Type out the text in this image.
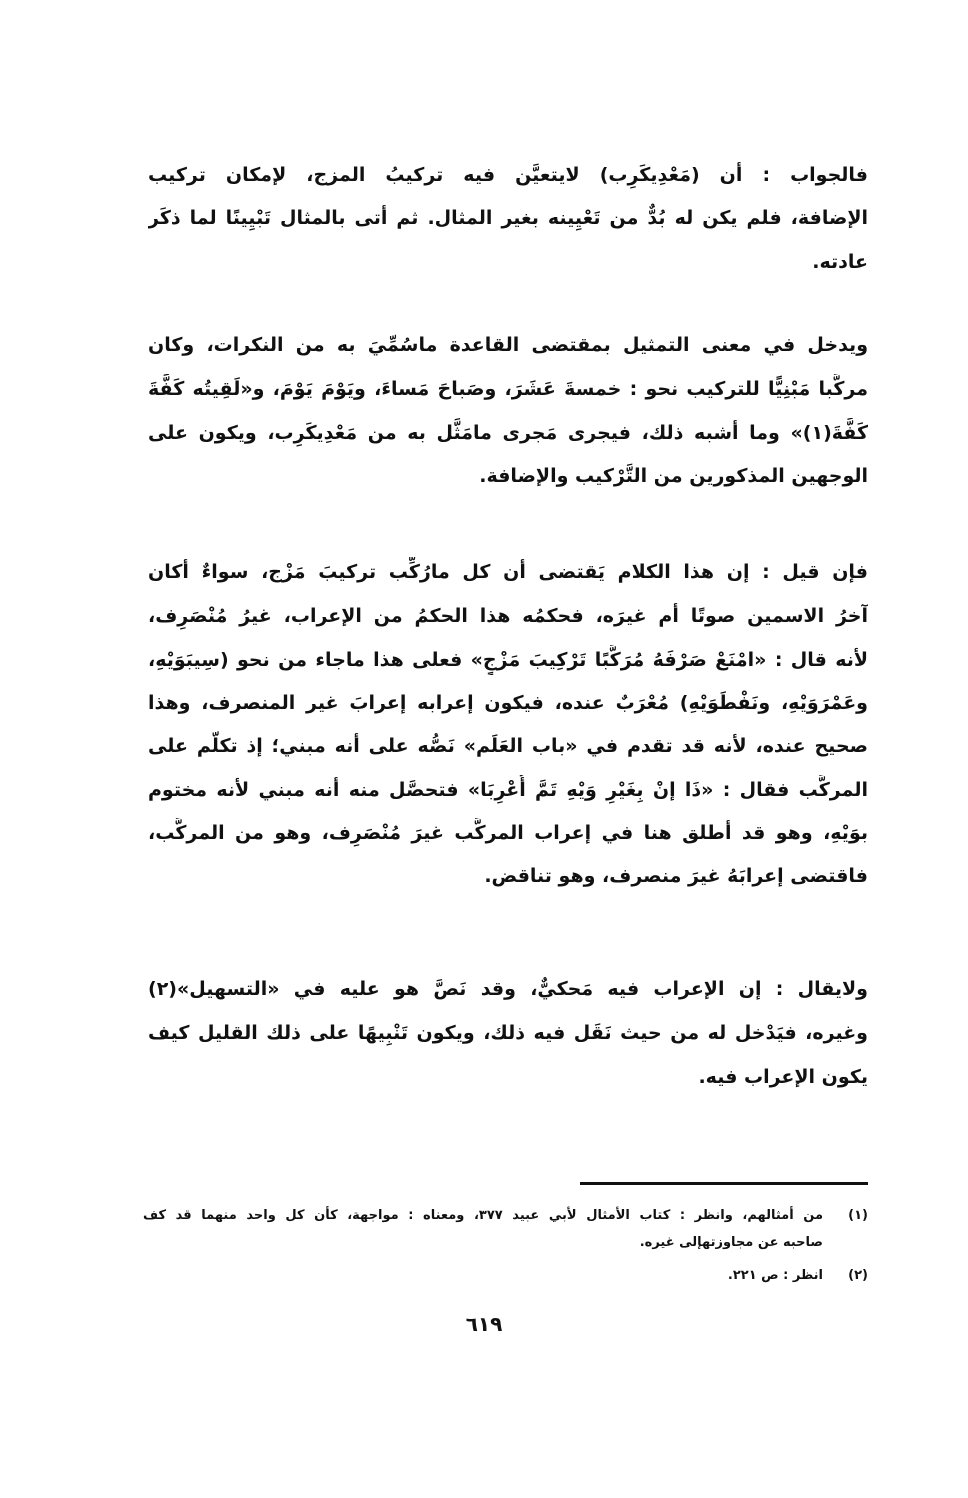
فالجواب : أن (مَعْدِيكَرِب) لايتعيَّن فيه تركيبُ المزج، لإمكان تركيب
الإضافة، فلم يكن له بُدٌّ من تَعْيِينه بغير المثال. ثم أتى بالمثال تَبْيِينًا لما ذكَر
عادته.
ويدخل في معنى التمثيل بمقتضى القاعدة ماسُمِّيَ به من النكرات، وكان
مركَّبا مَبْنِيًّا للتركيب نحو : خمسةَ عَشَرَ، وصَباحَ مَساءَ، ويَوْمَ يَوْمَ، و«لَقِيتُه كَفَّةَ
كَفَّةَ(١)» وما أشبه ذلك، فيجرى مَجرى مامَثَّل به من مَعْدِيكَرِب، ويكون على
الوجهين المذكورين من التَّرْكيب والإضافة.
فإن قيل : إن هذا الكلام يَقتضى أن كل مارُكِّب تركيبَ مَزْج، سواءٌ أكان
آخرُ الاسمين صوتًا أم غيرَه، فحكمُه هذا الحكمُ من الإعراب، غيرُ مُنْصَرِف،
لأنه قال : «امْنَعْ صَرْفَهُ مُرَكَّبًا تَرْكِيبَ مَزْجٍ» فعلى هذا ماجاء من نحو (سِيبَوَيْهِ،
وعَمْرَوَيْهِ، ونَفْطَوَيْهِ) مُعْرَبٌ عنده، فيكون إعرابه إعرابَ غير المنصرف، وهذا
صحيح عنده، لأنه قد تقدم في «باب العَلَم» نَصُّه على أنه مبني؛ إذ تكلَّم على
المركَّب فقال : «ذَا إنْ بِغَيْرِ وَيْهِ تَمَّ أُعْرِبَا» فتحصَّل منه أنه مبني لأنه مختوم
بوَيْهِ، وهو قد أطلق هنا في إعراب المركَّب غيرَ مُنْصَرِف، وهو من المركَّب،
فاقتضى إعرابَهُ غيرَ منصرف، وهو تناقض.
ولايقال : إن الإعراب فيه مَحكيٌّ، وقد نَصَّ هو عليه في «التسهيل»(٢)
وغيره، فيَدْخل له من حيث نَقَل فيه ذلك، ويكون تَنْبِيهًا على ذلك القليل كيف
يكون الإعراب فيه.
(١)
من أمثالهم، وانظر : كتاب الأمثال لأبي عبيد ٣٧٧، ومعناه : مواجهة، كأن كل واحد منهما قد كف
صاحبه عن مجاوزتهإلى غيره.
(٢)
انظر : ص ٢٢١.
٦١٩
